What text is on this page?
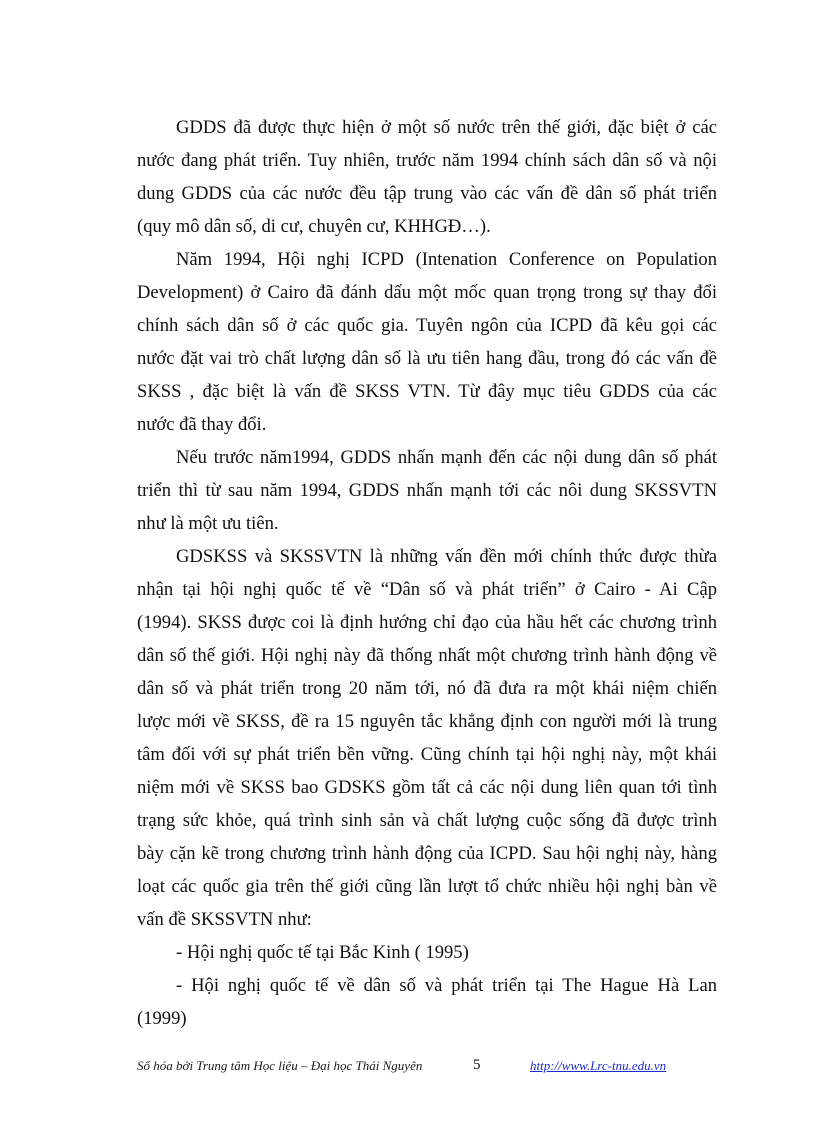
GDDS đã được thực hiện ở một số nước trên thế giới, đặc biệt ở các
nước đang phát triển. Tuy nhiên, trước năm 1994 chính sách dân số và nội
dung GDDS của các nước đều tập trung vào các vấn đề dân số phát triển
(quy mô dân số, di cư, chuyên cư, KHHGĐ…).

Năm 1994, Hội nghị ICPD (Intenation Conference on Population
Development) ở Cairo đã đánh dấu một mốc quan trọng trong sự thay đổi
chính sách dân số ở các quốc gia. Tuyên ngôn của ICPD đã kêu gọi các
nước đặt vai trò chất lượng dân số là ưu tiên hang đầu, trong đó các vấn đề
SKSS , đặc biệt là vấn đề SKSS VTN. Từ đây mục tiêu GDDS của các
nước đã thay đổi.

Nếu trước năm1994, GDDS nhấn mạnh đến các nội dung dân số phát
triển thì từ sau năm 1994, GDDS nhấn mạnh tới các nôi dung SKSSVTN
như là một ưu tiên.

GDSKSS và SKSSVTN là những vấn đền mới chính thức được thừa
nhận tại hội nghị quốc tế về “Dân số và phát triển” ở Cairo - Ai Cập
(1994). SKSS được coi là định hướng chỉ đạo của hầu hết các chương trình
dân số thế giới. Hội nghị này đã thống nhất một chương trình hành động về
dân số và phát triển trong 20 năm tới, nó đã đưa ra một khái niệm chiến
lược mới về SKSS, đề ra 15 nguyên tắc khẳng định con người mới là trung
tâm đối với sự phát triển bền vững. Cũng chính tại hội nghị này, một khái
niệm mới về SKSS bao GDSKS gồm tất cả các nội dung liên quan tới tình
trạng sức khỏe, quá trình sinh sản và chất lượng cuộc sống đã được trình
bày cặn kẽ trong chương trình hành động của ICPD. Sau hội nghị này, hàng
loạt các quốc gia trên thế giới cũng lần lượt tổ chức nhiều hội nghị bàn về
vấn đề SKSSVTN như:

- Hội nghị quốc tế tại Bắc Kinh ( 1995)

- Hội nghị quốc tế về dân số và phát triển tại The Hague Hà Lan
(1999)

Số hóa bởi Trung tâm Học liệu – Đại học Thái Nguyên	5	http://www.Lrc-tnu.edu.vn
